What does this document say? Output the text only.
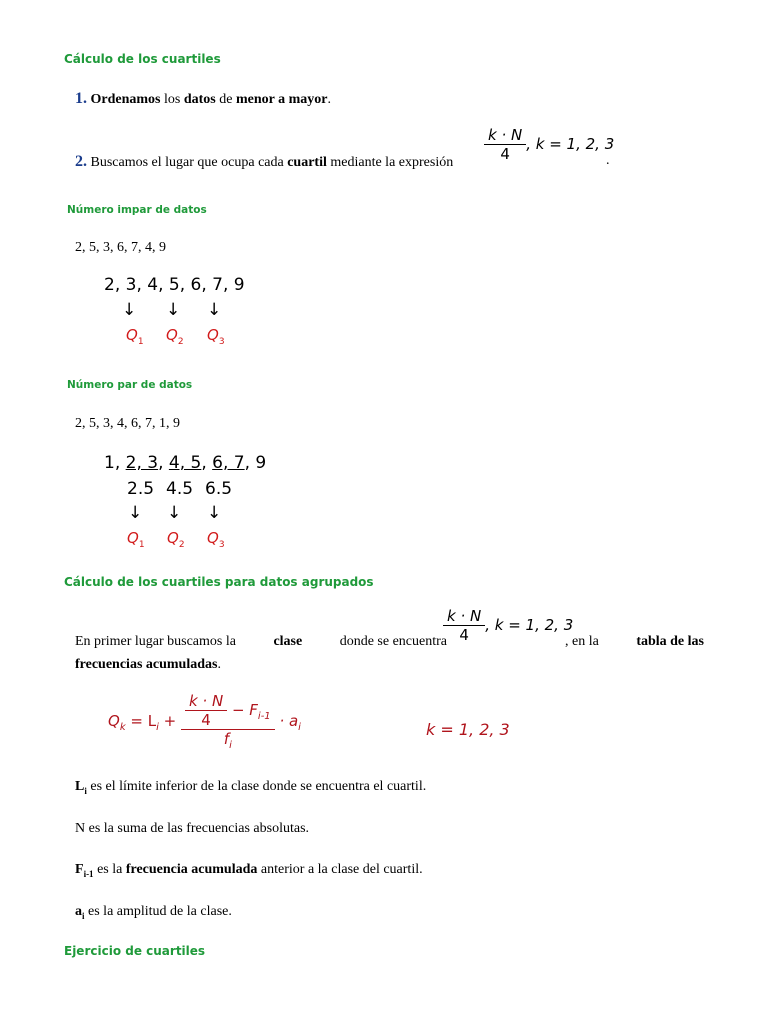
Cálculo de los cuartiles
1. Ordenamos los datos de menor a mayor.
2. Buscamos el lugar que ocupa cada cuartil mediante la expresión $\frac{k \cdot N}{4}$ , k = 1, 2, 3
.
Número impar de datos
2, 5, 3, 6, 7, 4, 9
2, 3, 4, 5, 6, 7, 9
↓ ↓ ↓
$Q_1$ $Q_2$ $Q_3$
Número par de datos
2, 5, 3, 4, 6, 7, 1, 9
1, 2, 3, 4, 5, 6, 7, 9
2.5 4.5 6.5
↓ ↓ ↓
$Q_1$ $Q_2$ $Q_3$
Cálculo de los cuartiles para datos agrupados
En primer lugar buscamos la	clase	donde se encuentra
$\frac{k \cdot N}{4}$ , k = 1, 2, 3
, en la	tabla de las
frecuencias acumuladas.
$Q_k = L_i + \frac{\frac{k \cdot N}{4} - F_{i-1}}{f_i} \cdot a_i$	k = 1, 2, 3
$L_i$ es el límite inferior de la clase donde se encuentra el cuartil.
N es la suma de las frecuencias absolutas.
$F_{i-1}$ es la frecuencia acumulada anterior a la clase del cuartil.
$a_i$ es la amplitud de la clase.
Ejercicio de cuartiles
